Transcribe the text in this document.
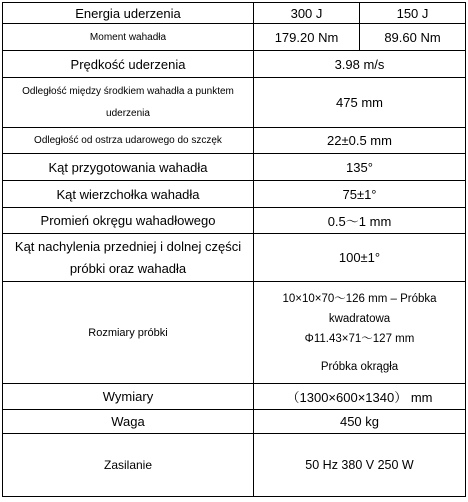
Energia uderzenia	300 J	150 J
Moment wahadła	179.20 Nm	89.60 Nm
Prędkość uderzenia	3.98 m/s	
Odległość między środkiem wahadła a punktem uderzenia	475 mm	
Odległość od ostrza udarowego do szczęk	22±0.5 mm	
Kąt przygotowania wahadła	135°	
Kąt wierzchołka wahadła	75±1°	
Promień okręgu wahadłowego	0.5～1 mm	
Kąt nachylenia przedniej i dolnej części próbki oraz wahadła	100±1°	
Rozmiary próbki	10×10×70～126 mm – Próbka kwadratowa
Φ11.43×71～127 mm
Próbka okrągła	

Wymiary	（1300×600×1340） mm	
Waga	450 kg	
Zasilanie	50 Hz 380 V 250 W	
